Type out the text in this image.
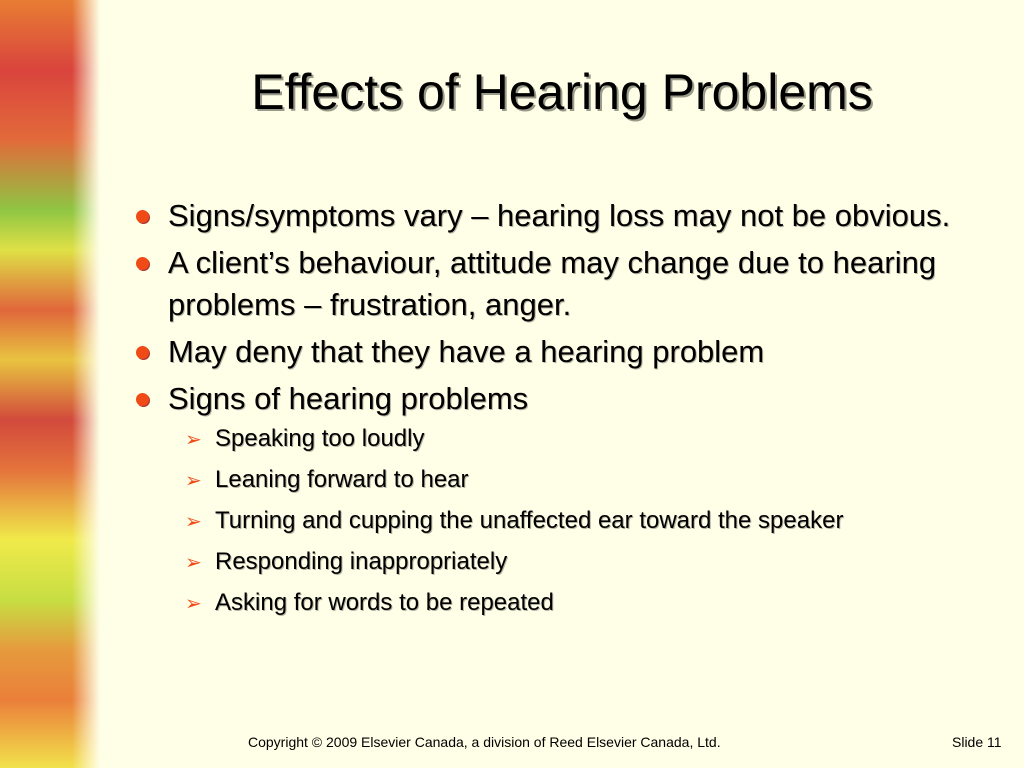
Effects of Hearing Problems
Signs/symptoms vary – hearing loss may not be obvious.
A client’s behaviour, attitude may change due to hearing problems – frustration, anger.
May deny that they have a hearing problem
Signs of hearing problems
➢ Speaking too loudly
➢ Leaning forward to hear
➢ Turning and cupping the unaffected ear toward the speaker
➢ Responding inappropriately
➢ Asking for words to be repeated
Copyright © 2009 Elsevier Canada, a division of Reed Elsevier Canada, Ltd.	Slide 11
